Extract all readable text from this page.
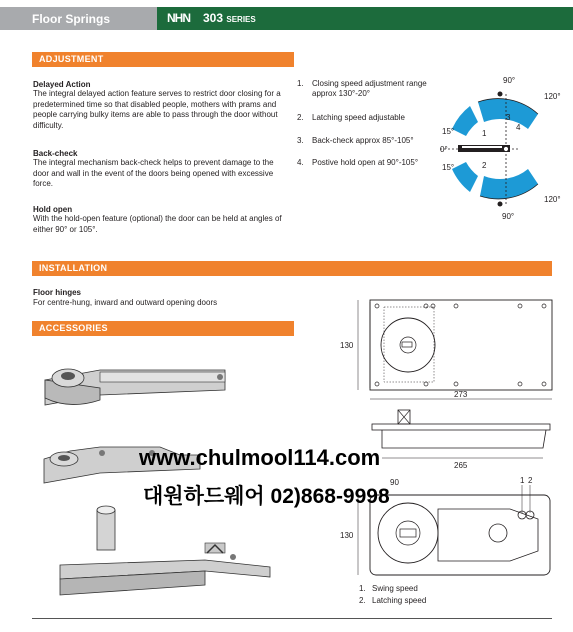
Floor Springs	NHN 303 SERIES
ADJUSTMENT
Delayed Action
The integral delayed action feature serves to restrict door closing for a predetermined time so that disabled people, mothers with prams and people carrying bulky items are able to pass through the door without difficulty.
Back-check
The integral mechanism back-check helps to prevent damage to the door and wall in the event of the doors being opened with excessive force.
Hold open
With the hold-open feature (optional) the door can be held at angles of either 90° or 105°.
1. Closing speed adjustment range approx 130°-20°
2. Latching speed adjustable
3. Back-check approx 85°-105°
4. Postive hold open at 90°-105°
90°
120°
15°
0°
15°
90°
120°
1
2
3
4
INSTALLATION
Floor hinges
For centre-hung, inward and outward opening doors
ACCESSORIES
130
273
265
90	1 2
130
1. Swing speed
2. Latching speed
www.chulmool114.com
대원하드웨어 02)868-9998
